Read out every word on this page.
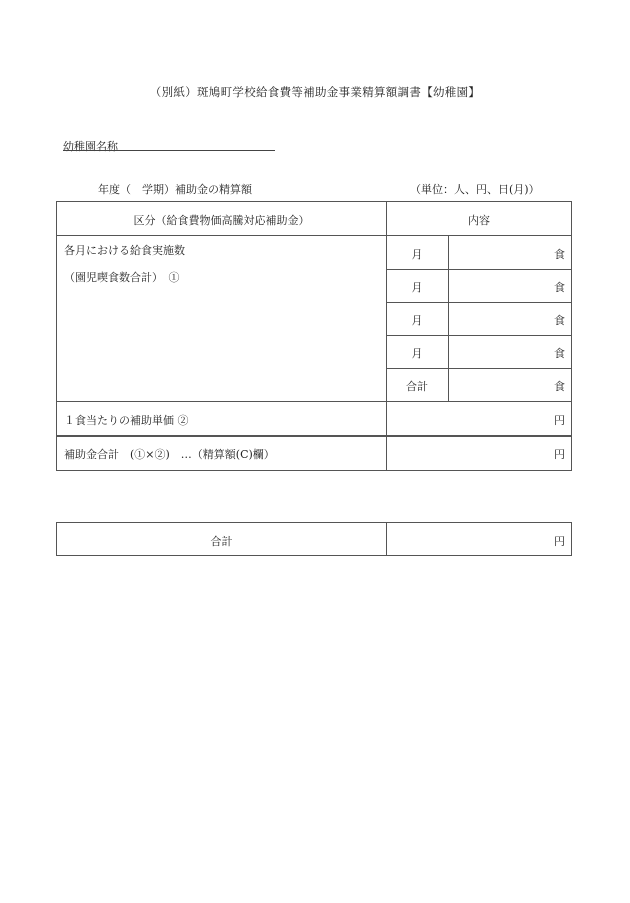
（別紙）斑鳩町学校給食費等補助金事業精算額調書【幼稚園】
幼稚園名称
年度（　学期）補助金の精算額	（単位：人、円、日(月)）
区分（給食費物価高騰対応補助金）	内容
各月における給食実施数
（園児喫食数合計）　①
月	食
月	食
月	食
月	食
合計	食
１食当たりの補助単価 ②	円
補助金合計　(①×②)　…（精算額(C)欄）	円
合計	円
